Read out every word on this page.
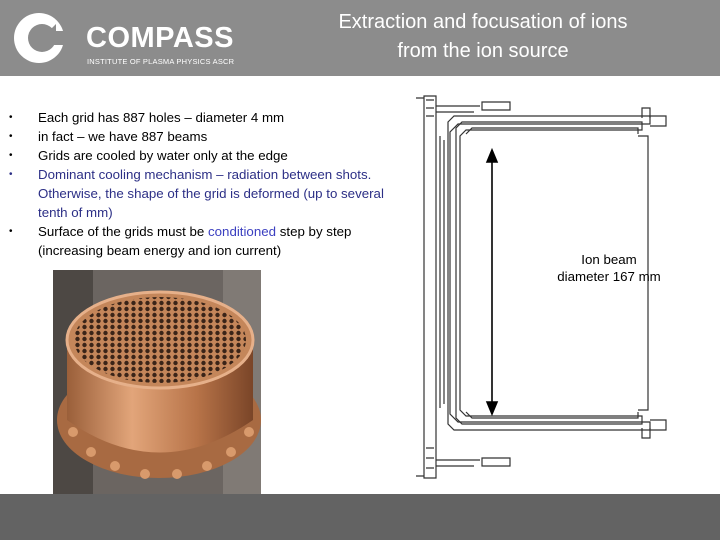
COMPASS
INSTITUTE OF PLASMA PHYSICS ASCR
Extraction and focusation of ions
from the ion source
• Each grid has 887 holes – diameter 4 mm
• in fact – we have 887 beams
• Grids are cooled by water only at the edge
• Dominant cooling mechanism – radiation between shots. Otherwise, the shape of the grid is deformed (up to several tenth of mm)
• Surface of the grids must be conditioned step by step (increasing beam energy and ion current)
Ion beam
diameter 167 mm
